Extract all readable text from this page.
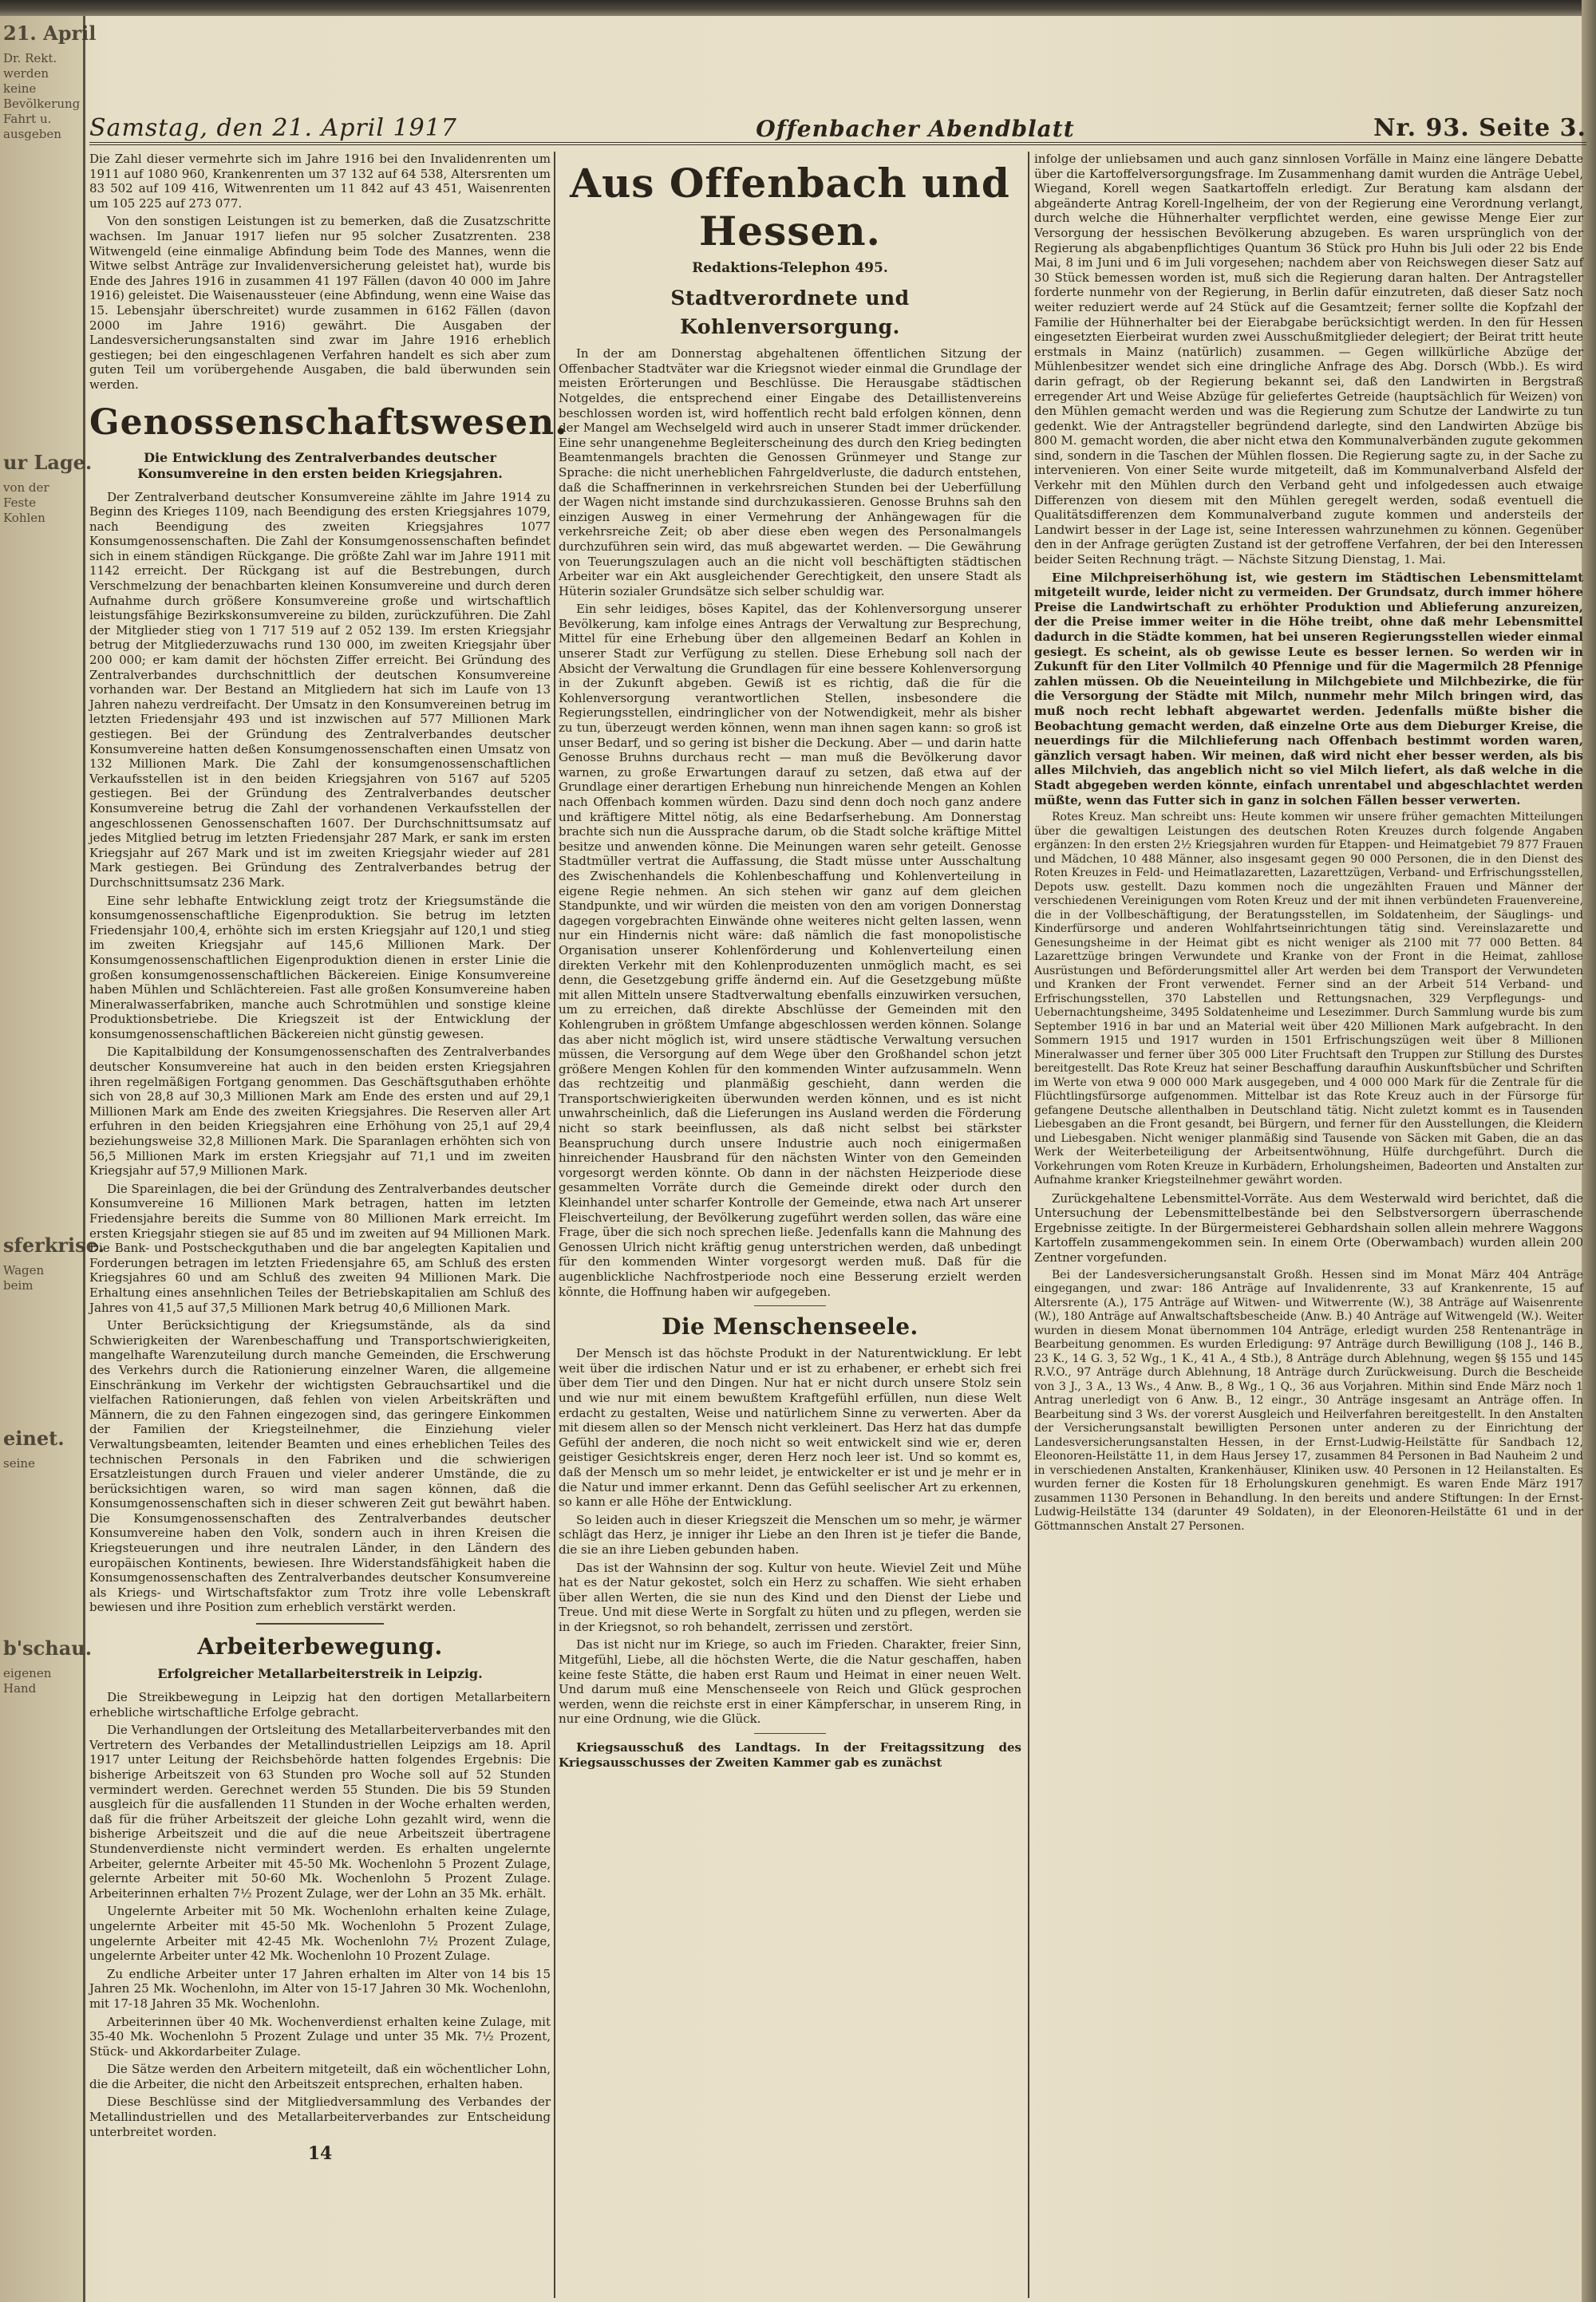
21. April
Dr. Rekt.
werden
keine
Bevölkerung
Fahrt u.
ausgeben
ur Lage.
von der
Feste
Kohlen
sferkrise.
Wagen
beim
einet.
seine
b'schau.
eigenen
Hand
Samstag, den 21. April 1917	Offenbacher Abendblatt	Nr. 93. Seite 3.

Die Zahl dieser vermehrte sich im Jahre 1916 bei den Invalidenrenten um 1911 auf 1080 960, Krankenrenten um 37 132 auf 64 538, Altersrenten um 83 502 auf 109 416, Witwenrenten um 11 842 auf 43 451, Waisenrenten um 105 225 auf 273 077.

Von den sonstigen Leistungen ist zu bemerken, daß die Zusatzschritte wachsen. Im Januar 1917 liefen nur 95 solcher Zusatzrenten. 238 Witwengeld (eine einmalige Abfindung beim Tode des Mannes, wenn die Witwe selbst Anträge zur Invalidenversicherung geleistet hat), wurde bis Ende des Jahres 1916 in zusammen 41 197 Fällen (davon 40 000 im Jahre 1916) geleistet. Die Waisenaussteuer (eine Abfindung, wenn eine Waise das 15. Lebensjahr überschreitet) wurde zusammen in 6162 Fällen (davon 2000 im Jahre 1916) gewährt. Die Ausgaben der Landesversicherungsanstalten sind zwar im Jahre 1916 erheblich gestiegen; bei den eingeschlagenen Verfahren handelt es sich aber zum guten Teil um vorübergehende Ausgaben, die bald überwunden sein werden.

Genossenschaftswesen.
Die Entwicklung des Zentralverbandes deutscher Konsumvereine in den ersten beiden Kriegsjahren.

Der Zentralverband deutscher Konsumvereine zählte im Jahre 1914 zu Beginn des Krieges 1109, nach Beendigung des ersten Kriegsjahres 1079, nach Beendigung des zweiten Kriegsjahres 1077 Konsumgenossenschaften. Die Zahl der Konsumgenossenschaften befindet sich in einem ständigen Rückgange. Die größte Zahl war im Jahre 1911 mit 1142 erreicht. Der Rückgang ist auf die Bestrebungen, durch Verschmelzung der benachbarten kleinen Konsumvereine und durch deren Aufnahme durch größere Konsumvereine große und wirtschaftlich leistungsfähige Bezirkskonsumvereine zu bilden, zurückzuführen. Die Zahl der Mitglieder stieg von 1 717 519 auf 2 052 139. Im ersten Kriegsjahr betrug der Mitgliederzuwachs rund 130 000, im zweiten Kriegsjahr über 200 000; er kam damit der höchsten Ziffer erreicht. Bei Gründung des Zentralverbandes durchschnittlich der deutschen Konsumvereine vorhanden war. Der Bestand an Mitgliedern hat sich im Laufe von 13 Jahren nahezu verdreifacht. Der Umsatz in den Konsumvereinen betrug im letzten Friedensjahr 493 und ist inzwischen auf 577 Millionen Mark gestiegen. Bei der Gründung des Zentralverbandes deutscher Konsumvereine hatten deßen Konsumgenossenschaften einen Umsatz von 132 Millionen Mark. Die Zahl der konsumgenossenschaftlichen Verkaufsstellen ist in den beiden Kriegsjahren von 5167 auf 5205 gestiegen. Bei der Gründung des Zentralverbandes deutscher Konsumvereine betrug die Zahl der vorhandenen Verkaufsstellen der angeschlossenen Genossenschaften 1607. Der Durchschnittsumsatz auf jedes Mitglied betrug im letzten Friedensjahr 287 Mark, er sank im ersten Kriegsjahr auf 267 Mark und ist im zweiten Kriegsjahr wieder auf 281 Mark gestiegen. Bei Gründung des Zentralverbandes betrug der Durchschnittsumsatz 236 Mark.

Eine sehr lebhafte Entwicklung zeigt trotz der Kriegsumstände die konsumgenossenschaftliche Eigenproduktion. Sie betrug im letzten Friedensjahr 100,4, erhöhte sich im ersten Kriegsjahr auf 120,1 und stieg im zweiten Kriegsjahr auf 145,6 Millionen Mark. Der Konsumgenossenschaftlichen Eigenproduktion dienen in erster Linie die großen konsumgenossenschaftlichen Bäckereien. Einige Konsumvereine haben Mühlen und Schlächtereien. Fast alle großen Konsumvereine haben Mineralwasserfabriken, manche auch Schrotmühlen und sonstige kleine Produktionsbetriebe. Die Kriegszeit ist der Entwicklung der konsumgenossenschaftlichen Bäckereien nicht günstig gewesen.

Die Kapitalbildung der Konsumgenossenschaften des Zentralverbandes deutscher Konsumvereine hat auch in den beiden ersten Kriegsjahren ihren regelmäßigen Fortgang genommen. Das Geschäftsguthaben erhöhte sich von 28,8 auf 30,3 Millionen Mark am Ende des ersten und auf 29,1 Millionen Mark am Ende des zweiten Kriegsjahres. Die Reserven aller Art erfuhren in den beiden Kriegsjahren eine Erhöhung von 25,1 auf 29,4 beziehungsweise 32,8 Millionen Mark. Die Sparanlagen erhöhten sich von 56,5 Millionen Mark im ersten Kriegsjahr auf 71,1 und im zweiten Kriegsjahr auf 57,9 Millionen Mark.

Die Spareinlagen, die bei der Gründung des Zentralverbandes deutscher Konsumvereine 16 Millionen Mark betragen, hatten im letzten Friedensjahre bereits die Summe von 80 Millionen Mark erreicht. Im ersten Kriegsjahr stiegen sie auf 85 und im zweiten auf 94 Millionen Mark. Die Bank- und Postscheckguthaben und die bar angelegten Kapitalien und Forderungen betragen im letzten Friedensjahre 65, am Schluß des ersten Kriegsjahres 60 und am Schluß des zweiten 94 Millionen Mark. Die Erhaltung eines ansehnlichen Teiles der Betriebskapitalien am Schluß des Jahres von 41,5 auf 37,5 Millionen Mark betrug 40,6 Millionen Mark.

Unter Berücksichtigung der Kriegsumstände, als da sind Schwierigkeiten der Warenbeschaffung und Transportschwierigkeiten, mangelhafte Warenzuteilung durch manche Gemeinden, die Erschwerung des Verkehrs durch die Rationierung einzelner Waren, die allgemeine Einschränkung im Verkehr der wichtigsten Gebrauchsartikel und die vielfachen Rationierungen, daß fehlen von vielen Arbeitskräften und Männern, die zu den Fahnen eingezogen sind, das geringere Einkommen der Familien der Kriegsteilnehmer, die Einziehung vieler Verwaltungsbeamten, leitender Beamten und eines erheblichen Teiles des technischen Personals in den Fabriken und die schwierigen Ersatzleistungen durch Frauen und vieler anderer Umstände, die zu berücksichtigen waren, so wird man sagen können, daß die Konsumgenossenschaften sich in dieser schweren Zeit gut bewährt haben. Die Konsumgenossenschaften des Zentralverbandes deutscher Konsumvereine haben den Volk, sondern auch in ihren Kreisen die Kriegsteuerungen und ihre neutralen Länder, in den Ländern des europäischen Kontinents, bewiesen. Ihre Widerstandsfähigkeit haben die Konsumgenossenschaften des Zentralverbandes deutscher Konsumvereine als Kriegs- und Wirtschaftsfaktor zum Trotz ihre volle Lebenskraft bewiesen und ihre Position zum erheblich verstärkt werden.

Arbeiterbewegung.
Erfolgreicher Metallarbeiterstreik in Leipzig.

Die Streikbewegung in Leipzig hat den dortigen Metallarbeitern erhebliche wirtschaftliche Erfolge gebracht.

Die Verhandlungen der Ortsleitung des Metallarbeiterverbandes mit den Vertretern des Verbandes der Metallindustriellen Leipzigs am 18. April 1917 unter Leitung der Reichsbehörde hatten folgendes Ergebnis: Die bisherige Arbeitszeit von 63 Stunden pro Woche soll auf 52 Stunden vermindert werden. Gerechnet werden 55 Stunden. Die bis 59 Stunden ausgleich für die ausfallenden 11 Stunden in der Woche erhalten werden, daß für die früher Arbeitszeit der gleiche Lohn gezahlt wird, wenn die bisherige Arbeitszeit und die auf die neue Arbeitszeit übertragene Stundenverdienste nicht vermindert werden. Es erhalten ungelernte Arbeiter, gelernte Arbeiter mit 45-50 Mk. Wochenlohn 5 Prozent Zulage, gelernte Arbeiter mit 50-60 Mk. Wochenlohn 5 Prozent Zulage. Arbeiterinnen erhalten 7½ Prozent Zulage, wer der Lohn an 35 Mk. erhält.

Ungelernte Arbeiter mit 50 Mk. Wochenlohn erhalten keine Zulage, ungelernte Arbeiter mit 45-50 Mk. Wochenlohn 5 Prozent Zulage, ungelernte Arbeiter mit 42-45 Mk. Wochenlohn 7½ Prozent Zulage, ungelernte Arbeiter unter 42 Mk. Wochenlohn 10 Prozent Zulage.

Zu endliche Arbeiter unter 17 Jahren erhalten im Alter von 14 bis 15 Jahren 25 Mk. Wochenlohn, im Alter von 15-17 Jahren 30 Mk. Wochenlohn, mit 17-18 Jahren 35 Mk. Wochenlohn.

Arbeiterinnen über 40 Mk. Wochenverdienst erhalten keine Zulage, mit 35-40 Mk. Wochenlohn 5 Prozent Zulage und unter 35 Mk. 7½ Prozent, Stück- und Akkordarbeiter Zulage.

Die Sätze werden den Arbeitern mitgeteilt, daß ein wöchentlicher Lohn, die die Arbeiter, die nicht den Arbeitszeit entsprechen, erhalten haben.

Diese Beschlüsse sind der Mitgliedversammlung des Verbandes der Metallindustriellen und des Metallarbeiterverbandes zur Entscheidung unterbreitet worden.

14
Aus Offenbach und Hessen.
Redaktions-Telephon 495.
Stadtverordnete und Kohlenversorgung.

In der am Donnerstag abgehaltenen öffentlichen Sitzung der Offenbacher Stadtväter war die Kriegsnot wieder einmal die Grundlage der meisten Erörterungen und Beschlüsse. Die Herausgabe städtischen Notgeldes, die entsprechend einer Eingabe des Detaillistenvereins beschlossen worden ist, wird hoffentlich recht bald erfolgen können, denn der Mangel am Wechselgeld wird auch in unserer Stadt immer drückender. Eine sehr unangenehme Begleiterscheinung des durch den Krieg bedingten Beamtenmangels brachten die Genossen Grünmeyer und Stange zur Sprache: die nicht unerheblichen Fahrgeldverluste, die dadurch entstehen, daß die Schaffnerinnen in verkehrsreichen Stunden bei der Ueberfüllung der Wagen nicht imstande sind durchzukassieren. Genosse Bruhns sah den einzigen Ausweg in einer Vermehrung der Anhängewagen für die verkehrsreiche Zeit; ob aber diese eben wegen des Personalmangels durchzuführen sein wird, das muß abgewartet werden. — Die Gewährung von Teuerungszulagen auch an die nicht voll beschäftigten städtischen Arbeiter war ein Akt ausgleichender Gerechtigkeit, den unsere Stadt als Hüterin sozialer Grundsätze sich selber schuldig war.

Ein sehr leidiges, böses Kapitel, das der Kohlenversorgung unserer Bevölkerung, kam infolge eines Antrags der Verwaltung zur Besprechung, Mittel für eine Erhebung über den allgemeinen Bedarf an Kohlen in unserer Stadt zur Verfügung zu stellen. Diese Erhebung soll nach der Absicht der Verwaltung die Grundlagen für eine bessere Kohlenversorgung in der Zukunft abgeben. Gewiß ist es richtig, daß die für die Kohlenversorgung verantwortlichen Stellen, insbesondere die Regierungsstellen, eindringlicher von der Notwendigkeit, mehr als bisher zu tun, überzeugt werden können, wenn man ihnen sagen kann: so groß ist unser Bedarf, und so gering ist bisher die Deckung. Aber — und darin hatte Genosse Bruhns durchaus recht — man muß die Bevölkerung davor warnen, zu große Erwartungen darauf zu setzen, daß etwa auf der Grundlage einer derartigen Erhebung nun hinreichende Mengen an Kohlen nach Offenbach kommen würden. Dazu sind denn doch noch ganz andere und kräftigere Mittel nötig, als eine Bedarfserhebung. Am Donnerstag brachte sich nun die Aussprache darum, ob die Stadt solche kräftige Mittel besitze und anwenden könne. Die Meinungen waren sehr geteilt. Genosse Stadtmüller vertrat die Auffassung, die Stadt müsse unter Ausschaltung des Zwischenhandels die Kohlenbeschaffung und Kohlenverteilung in eigene Regie nehmen. An sich stehen wir ganz auf dem gleichen Standpunkte, und wir würden die meisten von den am vorigen Donnerstag dagegen vorgebrachten Einwände ohne weiteres nicht gelten lassen, wenn nur ein Hindernis nicht wäre: daß nämlich die fast monopolistische Organisation unserer Kohlenförderung und Kohlenverteilung einen direkten Verkehr mit den Kohlenproduzenten unmöglich macht, es sei denn, die Gesetzgebung griffe ändernd ein. Auf die Gesetzgebung müßte mit allen Mitteln unsere Stadtverwaltung ebenfalls einzuwirken versuchen, um zu erreichen, daß direkte Abschlüsse der Gemeinden mit den Kohlengruben in größtem Umfange abgeschlossen werden können. Solange das aber nicht möglich ist, wird unsere städtische Verwaltung versuchen müssen, die Versorgung auf dem Wege über den Großhandel schon jetzt größere Mengen Kohlen für den kommenden Winter aufzusammeln. Wenn das rechtzeitig und planmäßig geschieht, dann werden die Transportschwierigkeiten überwunden werden können, und es ist nicht unwahrscheinlich, daß die Lieferungen ins Ausland werden die Förderung nicht so stark beeinflussen, als daß nicht selbst bei stärkster Beanspruchung durch unsere Industrie auch noch einigermaßen hinreichender Hausbrand für den nächsten Winter von den Gemeinden vorgesorgt werden könnte. Ob dann in der nächsten Heizperiode diese gesammelten Vorräte durch die Gemeinde direkt oder durch den Kleinhandel unter scharfer Kontrolle der Gemeinde, etwa nach Art unserer Fleischverteilung, der Bevölkerung zugeführt werden sollen, das wäre eine Frage, über die sich noch sprechen ließe. Jedenfalls kann die Mahnung des Genossen Ulrich nicht kräftig genug unterstrichen werden, daß unbedingt für den kommenden Winter vorgesorgt werden muß. Daß für die augenblickliche Nachfrostperiode noch eine Besserung erzielt werden könnte, die Hoffnung haben wir aufgegeben.

Die Menschenseele.

Der Mensch ist das höchste Produkt in der Naturentwicklung. Er lebt weit über die irdischen Natur und er ist zu erhabener, er erhebt sich frei über dem Tier und den Dingen. Nur hat er nicht durch unsere Stolz sein und wie nur mit einem bewußtem Kraftgefühl erfüllen, nun diese Welt erdacht zu gestalten, Weise und natürlichem Sinne zu verwerten. Aber da mit diesem allen so der Mensch nicht verkleinert. Das Herz hat das dumpfe Gefühl der anderen, die noch nicht so weit entwickelt sind wie er, deren geistiger Gesichtskreis enger, deren Herz noch leer ist. Und so kommt es, daß der Mensch um so mehr leidet, je entwickelter er ist und je mehr er in die Natur und immer erkannt. Denn das Gefühl seelischer Art zu erkennen, so kann er alle Höhe der Entwicklung.

So leiden auch in dieser Kriegszeit die Menschen um so mehr, je wärmer schlägt das Herz, je inniger ihr Liebe an den Ihren ist je tiefer die Bande, die sie an ihre Lieben gebunden haben.

Das ist der Wahnsinn der sog. Kultur von heute. Wieviel Zeit und Mühe hat es der Natur gekostet, solch ein Herz zu schaffen. Wie sieht erhaben über allen Werten, die sie nun des Kind und den Dienst der Liebe und Treue. Und mit diese Werte in Sorgfalt zu hüten und zu pflegen, werden sie in der Kriegsnot, so roh behandelt, zerrissen und zerstört.

Das ist nicht nur im Kriege, so auch im Frieden. Charakter, freier Sinn, Mitgefühl, Liebe, all die höchsten Werte, die die Natur geschaffen, haben keine feste Stätte, die haben erst Raum und Heimat in einer neuen Welt. Und darum muß eine Menschenseele von Reich und Glück gesprochen werden, wenn die reichste erst in einer Kämpferschar, in unserem Ring, in nur eine Ordnung, wie die Glück.

Kriegsausschuß des Landtags. In der Freitagssitzung des Kriegsausschusses der Zweiten Kammer gab es zunächst

infolge der unliebsamen und auch ganz sinnlosen Vorfälle in Mainz eine längere Debatte über die Kartoffelversorgungsfrage. Im Zusammenhang damit wurden die Anträge Uebel, Wiegand, Korell wegen Saatkartoffeln erledigt. Zur Beratung kam alsdann der abgeänderte Antrag Korell-Ingelheim, der von der Regierung eine Verordnung verlangt, durch welche die Hühnerhalter verpflichtet werden, eine gewisse Menge Eier zur Versorgung der hessischen Bevölkerung abzugeben. Es waren ursprünglich von der Regierung als abgabenpflichtiges Quantum 36 Stück pro Huhn bis Juli oder 22 bis Ende Mai, 8 im Juni und 6 im Juli vorgesehen; nachdem aber von Reichswegen dieser Satz auf 30 Stück bemessen worden ist, muß sich die Regierung daran halten. Der Antragsteller forderte nunmehr von der Regierung, in Berlin dafür einzutreten, daß dieser Satz noch weiter reduziert werde auf 24 Stück auf die Gesamtzeit; ferner sollte die Kopfzahl der Familie der Hühnerhalter bei der Eierabgabe berücksichtigt werden. In den für Hessen eingesetzten Eierbeirat wurden zwei Ausschußmitglieder delegiert; der Beirat tritt heute erstmals in Mainz (natürlich) zusammen. — Gegen willkürliche Abzüge der Mühlenbesitzer wendet sich eine dringliche Anfrage des Abg. Dorsch (Wbb.). Es wird darin gefragt, ob der Regierung bekannt sei, daß den Landwirten in Bergstraß erregender Art und Weise Abzüge für geliefertes Getreide (hauptsächlich für Weizen) von den Mühlen gemacht werden und was die Regierung zum Schutze der Landwirte zu tun gedenkt. Wie der Antragsteller begründend darlegte, sind den Landwirten Abzüge bis 800 M. gemacht worden, die aber nicht etwa den Kommunalverbänden zugute gekommen sind, sondern in die Taschen der Mühlen flossen. Die Regierung sagte zu, in der Sache zu intervenieren. Von einer Seite wurde mitgeteilt, daß im Kommunalverband Alsfeld der Verkehr mit den Mühlen durch den Verband geht und infolgedessen auch etwaige Differenzen von diesem mit den Mühlen geregelt werden, sodaß eventuell die Qualitätsdifferenzen dem Kommunalverband zugute kommen und andersteils der Landwirt besser in der Lage ist, seine Interessen wahrzunehmen zu können. Gegenüber den in der Anfrage gerügten Zustand ist der getroffene Verfahren, der bei den Interessen beider Seiten Rechnung trägt. — Nächste Sitzung Dienstag, 1. Mai.

Eine Milchpreiserhöhung ist, wie gestern im Städtischen Lebensmittelamt mitgeteilt wurde, leider nicht zu vermeiden. Der Grundsatz, durch immer höhere Preise die Landwirtschaft zu erhöhter Produktion und Ablieferung anzureizen, der die Preise immer weiter in die Höhe treibt, ohne daß mehr Lebensmittel dadurch in die Städte kommen, hat bei unseren Regierungsstellen wieder einmal gesiegt. Es scheint, als ob gewisse Leute es besser lernen. So werden wir in Zukunft für den Liter Vollmilch 40 Pfennige und für die Magermilch 28 Pfennige zahlen müssen. Ob die Neueinteilung in Milchgebiete und Milchbezirke, die für die Versorgung der Städte mit Milch, nunmehr mehr Milch bringen wird, das muß noch recht lebhaft abgewartet werden. Jedenfalls müßte bisher die Beobachtung gemacht werden, daß einzelne Orte aus dem Dieburger Kreise, die neuerdings für die Milchlieferung nach Offenbach bestimmt worden waren, gänzlich versagt haben. Wir meinen, daß wird nicht eher besser werden, als bis alles Milchvieh, das angeblich nicht so viel Milch liefert, als daß welche in die Stadt abgegeben werden könnte, einfach unrentabel und abgeschlachtet werden müßte, wenn das Futter sich in ganz in solchen Fällen besser verwerten.

Rotes Kreuz. Man schreibt uns: Heute kommen wir unsere früher gemachten Mitteilungen über die gewaltigen Leistungen des deutschen Roten Kreuzes durch folgende Angaben ergänzen: In den ersten 2½ Kriegsjahren wurden für Etappen- und Heimatgebiet 79 877 Frauen und Mädchen, 10 488 Männer, also insgesamt gegen 90 000 Personen, die in den Dienst des Roten Kreuzes in Feld- und Heimatlazaretten, Lazarettzügen, Verband- und Erfrischungsstellen, Depots usw. gestellt. Dazu kommen noch die ungezählten Frauen und Männer der verschiedenen Vereinigungen vom Roten Kreuz und der mit ihnen verbündeten Frauenvereine, die in der Vollbeschäftigung, der Beratungsstellen, im Soldatenheim, der Säuglings- und Kinderfürsorge und anderen Wohlfahrtseinrichtungen tätig sind. Vereinslazarette und Genesungsheime in der Heimat gibt es nicht weniger als 2100 mit 77 000 Betten. 84 Lazarettzüge bringen Verwundete und Kranke von der Front in die Heimat, zahllose Ausrüstungen und Beförderungsmittel aller Art werden bei dem Transport der Verwundeten und Kranken der Front verwendet. Ferner sind an der Arbeit 514 Verband- und Erfrischungsstellen, 370 Labstellen und Rettungsnachen, 329 Verpflegungs- und Uebernachtungsheime, 3495 Soldatenheime und Lesezimmer. Durch Sammlung wurde bis zum September 1916 in bar und an Material weit über 420 Millionen Mark aufgebracht. In den Sommern 1915 und 1917 wurden in 1501 Erfrischungszügen weit über 8 Millionen Mineralwasser und ferner über 305 000 Liter Fruchtsaft den Truppen zur Stillung des Durstes bereitgestellt. Das Rote Kreuz hat seiner Beschaffung daraufhin Auskunftsbücher und Schriften im Werte von etwa 9 000 000 Mark ausgegeben, und 4 000 000 Mark für die Zentrale für die Flüchtlingsfürsorge aufgenommen. Mittelbar ist das Rote Kreuz auch in der Fürsorge für gefangene Deutsche allenthalben in Deutschland tätig. Nicht zuletzt kommt es in Tausenden Liebesgaben an die Front gesandt, bei Bürgern, und ferner für den Ausstellungen, die Kleidern und Liebesgaben. Nicht weniger planmäßig sind Tausende von Säcken mit Gaben, die an das Werk der Weiterbeteiligung der Arbeitsentwöhnung, Hülfe durchgeführt. Durch die Vorkehrungen vom Roten Kreuze in Kurbädern, Erholungsheimen, Badeorten und Anstalten zur Aufnahme kranker Kriegsteilnehmer gewährt worden.

Zurückgehaltene Lebensmittel-Vorräte. Aus dem Westerwald wird berichtet, daß die Untersuchung der Lebensmittelbestände bei den Selbstversorgern überraschende Ergebnisse zeitigte. In der Bürgermeisterei Gebhardshain sollen allein mehrere Waggons Kartoffeln zusammengekommen sein. In einem Orte (Oberwambach) wurden allein 200 Zentner vorgefunden.

Bei der Landesversicherungsanstalt Großh. Hessen sind im Monat März 404 Anträge eingegangen, und zwar: 186 Anträge auf Invalidenrente, 33 auf Krankenrente, 15 auf Altersrente (A.), 175 Anträge auf Witwen- und Witwerrente (W.), 38 Anträge auf Waisenrente (W.), 180 Anträge auf Anwaltschaftsbescheide (Anw. B.) 40 Anträge auf Witwengeld (W.). Weiter wurden in diesem Monat übernommen 104 Anträge, erledigt wurden 258 Rentenanträge in Bearbeitung genommen. Es wurden Erledigung: 97 Anträge durch Bewilligung (108 J., 146 B., 23 K., 14 G. 3, 52 Wg., 1 K., 41 A., 4 Stb.), 8 Anträge durch Ablehnung, wegen §§ 155 und 145 R.V.O., 97 Anträge durch Ablehnung, 18 Anträge durch Zurückweisung. Durch die Bescheide von 3 J., 3 A., 13 Ws., 4 Anw. B., 8 Wg., 1 Q., 36 aus Vorjahren. Mithin sind Ende März noch 1 Antrag unerledigt von 6 Anw. B., 12 eingr., 30 Anträge insgesamt an Anträge offen. In Bearbeitung sind 3 Ws. der vorerst Ausgleich und Heilverfahren bereitgestellt. In den Anstalten der Versicherungsanstalt bewilligten Personen unter anderen zu der Einrichtung der Landesversicherungsanstalten Hessen, in der Ernst-Ludwig-Heilstätte für Sandbach 12, Eleonoren-Heilstätte 11, in dem Haus Jersey 17, zusammen 84 Personen in Bad Nauheim 2 und in verschiedenen Anstalten, Krankenhäuser, Kliniken usw. 40 Personen in 12 Heilanstalten. Es wurden ferner die Kosten für 18 Erholungskuren genehmigt. Es waren Ende März 1917 zusammen 1130 Personen in Behandlung. In den bereits und andere Stiftungen: In der Ernst-Ludwig-Heilstätte 134 (darunter 49 Soldaten), in der Eleonoren-Heilstätte 61 und in der Göttmannschen Anstalt 27 Personen.
